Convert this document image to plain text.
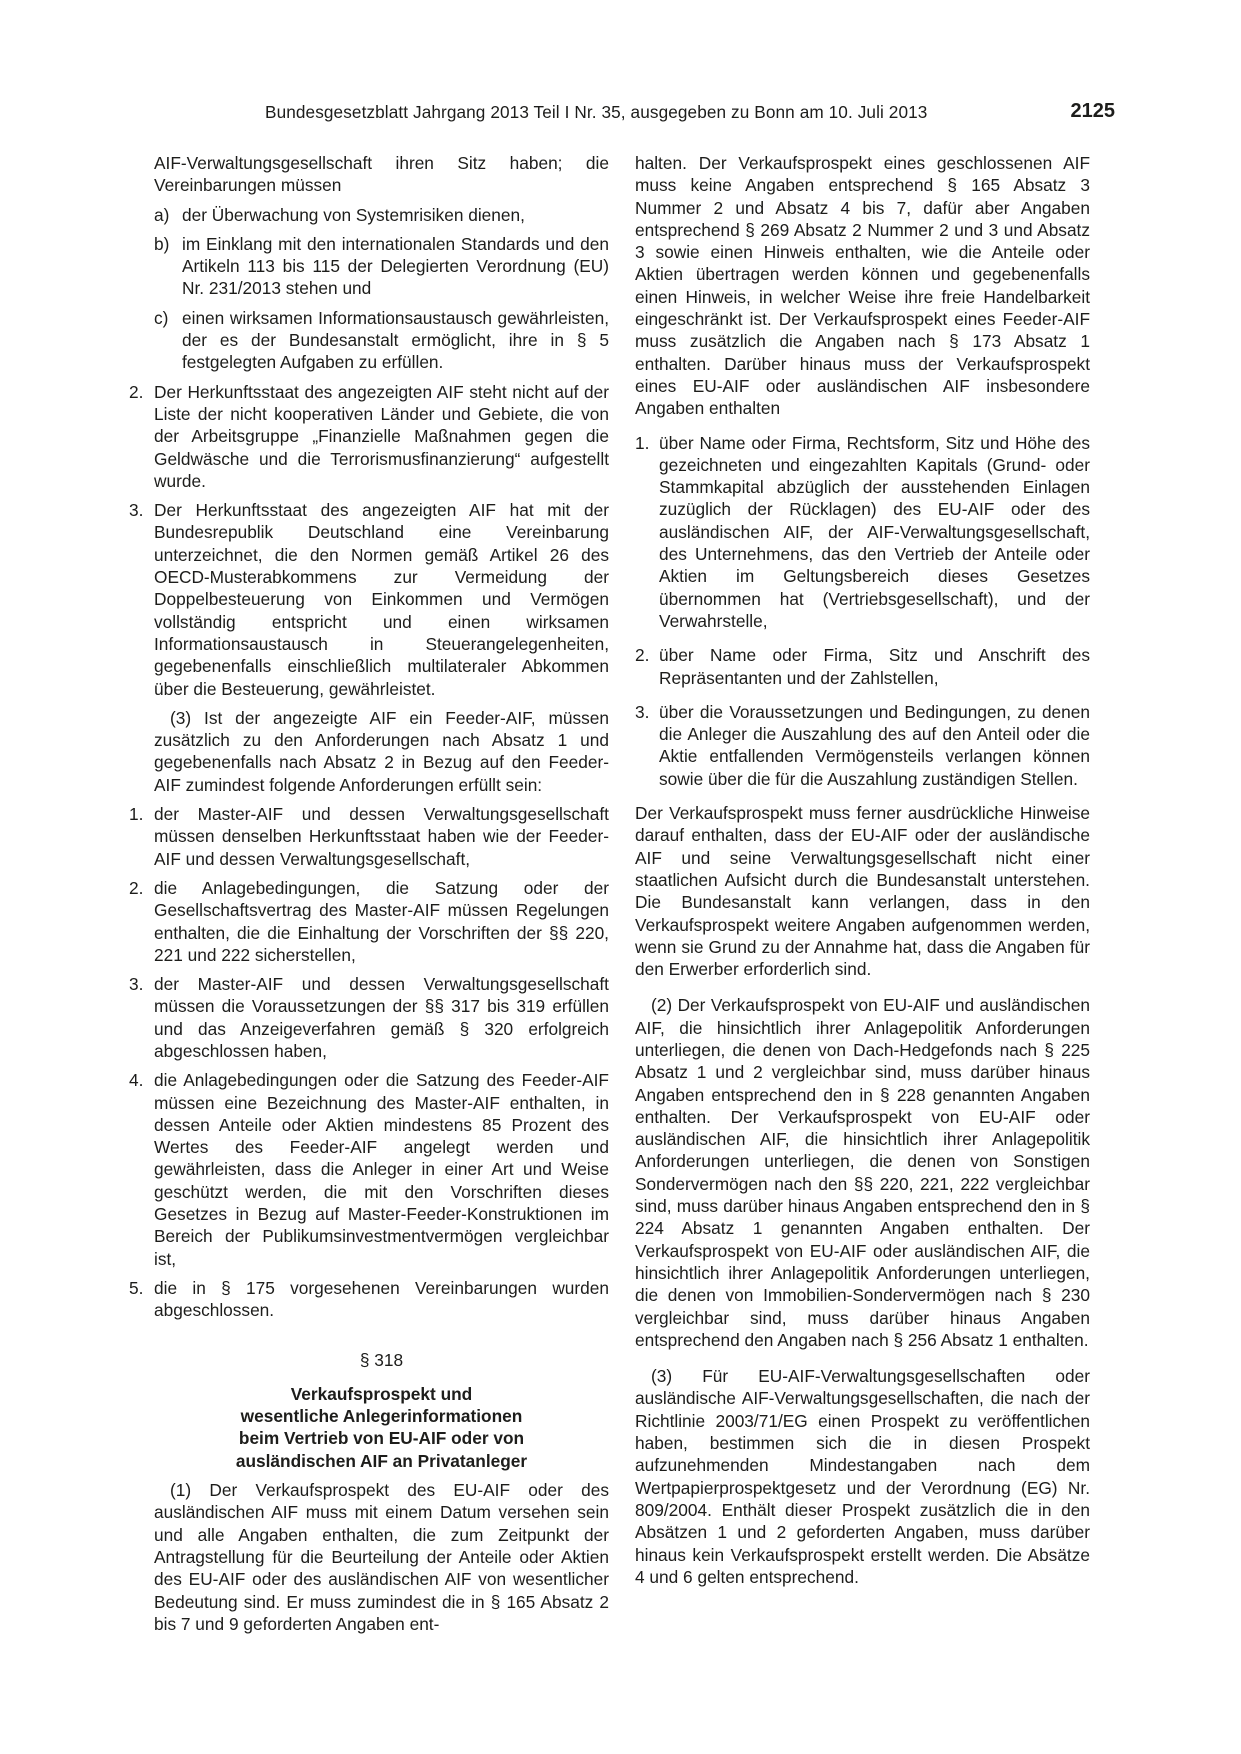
Bundesgesetzblatt Jahrgang 2013 Teil I Nr. 35, ausgegeben zu Bonn am 10. Juli 2013	2125

AIF-Verwaltungsgesellschaft ihren Sitz haben; die Vereinbarungen müssen

a) der Überwachung von Systemrisiken dienen,
b) im Einklang mit den internationalen Standards und den Artikeln 113 bis 115 der Delegierten Verordnung (EU) Nr. 231/2013 stehen und
c) einen wirksamen Informationsaustausch gewährleisten, der es der Bundesanstalt ermöglicht, ihre in § 5 festgelegten Aufgaben zu erfüllen.
2. Der Herkunftsstaat des angezeigten AIF steht nicht auf der Liste der nicht kooperativen Länder und Gebiete, die von der Arbeitsgruppe „Finanzielle Maßnahmen gegen die Geldwäsche und die Terrorismusfinanzierung“ aufgestellt wurde.
3. Der Herkunftsstaat des angezeigten AIF hat mit der Bundesrepublik Deutschland eine Vereinbarung unterzeichnet, die den Normen gemäß Artikel 26 des OECD-Musterabkommens zur Vermeidung der Doppelbesteuerung von Einkommen und Vermögen vollständig entspricht und einen wirksamen Informationsaustausch in Steuerangelegenheiten, gegebenenfalls einschließlich multilateraler Abkommen über die Besteuerung, gewährleistet.

(3) Ist der angezeigte AIF ein Feeder-AIF, müssen zusätzlich zu den Anforderungen nach Absatz 1 und gegebenenfalls nach Absatz 2 in Bezug auf den Feeder-AIF zumindest folgende Anforderungen erfüllt sein:

1. der Master-AIF und dessen Verwaltungsgesellschaft müssen denselben Herkunftsstaat haben wie der Feeder-AIF und dessen Verwaltungsgesellschaft,
2. die Anlagebedingungen, die Satzung oder der Gesellschaftsvertrag des Master-AIF müssen Regelungen enthalten, die die Einhaltung der Vorschriften der §§ 220, 221 und 222 sicherstellen,
3. der Master-AIF und dessen Verwaltungsgesellschaft müssen die Voraussetzungen der §§ 317 bis 319 erfüllen und das Anzeigeverfahren gemäß § 320 erfolgreich abgeschlossen haben,
4. die Anlagebedingungen oder die Satzung des Feeder-AIF müssen eine Bezeichnung des Master-AIF enthalten, in dessen Anteile oder Aktien mindestens 85 Prozent des Wertes des Feeder-AIF angelegt werden und gewährleisten, dass die Anleger in einer Art und Weise geschützt werden, die mit den Vorschriften dieses Gesetzes in Bezug auf Master-Feeder-Konstruktionen im Bereich der Publikumsinvestmentvermögen vergleichbar ist,
5. die in § 175 vorgesehenen Vereinbarungen wurden abgeschlossen.
§ 318
Verkaufsprospekt und
wesentliche Anlegerinformationen
beim Vertrieb von EU-AIF oder von
ausländischen AIF an Privatanleger

(1) Der Verkaufsprospekt des EU-AIF oder des ausländischen AIF muss mit einem Datum versehen sein und alle Angaben enthalten, die zum Zeitpunkt der Antragstellung für die Beurteilung der Anteile oder Aktien des EU-AIF oder des ausländischen AIF von wesentlicher Bedeutung sind. Er muss zumindest die in § 165 Absatz 2 bis 7 und 9 geforderten Angaben ent-

halten. Der Verkaufsprospekt eines geschlossenen AIF muss keine Angaben entsprechend § 165 Absatz 3 Nummer 2 und Absatz 4 bis 7, dafür aber Angaben entsprechend § 269 Absatz 2 Nummer 2 und 3 und Absatz 3 sowie einen Hinweis enthalten, wie die Anteile oder Aktien übertragen werden können und gegebenenfalls einen Hinweis, in welcher Weise ihre freie Handelbarkeit eingeschränkt ist. Der Verkaufsprospekt eines Feeder-AIF muss zusätzlich die Angaben nach § 173 Absatz 1 enthalten. Darüber hinaus muss der Verkaufsprospekt eines EU-AIF oder ausländischen AIF insbesondere Angaben enthalten

1. über Name oder Firma, Rechtsform, Sitz und Höhe des gezeichneten und eingezahlten Kapitals (Grund- oder Stammkapital abzüglich der ausstehenden Einlagen zuzüglich der Rücklagen) des EU-AIF oder des ausländischen AIF, der AIF-Verwaltungsgesellschaft, des Unternehmens, das den Vertrieb der Anteile oder Aktien im Geltungsbereich dieses Gesetzes übernommen hat (Vertriebsgesellschaft), und der Verwahrstelle,
2. über Name oder Firma, Sitz und Anschrift des Repräsentanten und der Zahlstellen,
3. über die Voraussetzungen und Bedingungen, zu denen die Anleger die Auszahlung des auf den Anteil oder die Aktie entfallenden Vermögensteils verlangen können sowie über die für die Auszahlung zuständigen Stellen.

Der Verkaufsprospekt muss ferner ausdrückliche Hinweise darauf enthalten, dass der EU-AIF oder der ausländische AIF und seine Verwaltungsgesellschaft nicht einer staatlichen Aufsicht durch die Bundesanstalt unterstehen. Die Bundesanstalt kann verlangen, dass in den Verkaufsprospekt weitere Angaben aufgenommen werden, wenn sie Grund zu der Annahme hat, dass die Angaben für den Erwerber erforderlich sind.

(2) Der Verkaufsprospekt von EU-AIF und ausländischen AIF, die hinsichtlich ihrer Anlagepolitik Anforderungen unterliegen, die denen von Dach-Hedgefonds nach § 225 Absatz 1 und 2 vergleichbar sind, muss darüber hinaus Angaben entsprechend den in § 228 genannten Angaben enthalten. Der Verkaufsprospekt von EU-AIF oder ausländischen AIF, die hinsichtlich ihrer Anlagepolitik Anforderungen unterliegen, die denen von Sonstigen Sondervermögen nach den §§ 220, 221, 222 vergleichbar sind, muss darüber hinaus Angaben entsprechend den in § 224 Absatz 1 genannten Angaben enthalten. Der Verkaufsprospekt von EU-AIF oder ausländischen AIF, die hinsichtlich ihrer Anlagepolitik Anforderungen unterliegen, die denen von Immobilien-Sondervermögen nach § 230 vergleichbar sind, muss darüber hinaus Angaben entsprechend den Angaben nach § 256 Absatz 1 enthalten.

(3) Für EU-AIF-Verwaltungsgesellschaften oder ausländische AIF-Verwaltungsgesellschaften, die nach der Richtlinie 2003/71/EG einen Prospekt zu veröffentlichen haben, bestimmen sich die in diesen Prospekt aufzunehmenden Mindestangaben nach dem Wertpapierprospektgesetz und der Verordnung (EG) Nr. 809/2004. Enthält dieser Prospekt zusätzlich die in den Absätzen 1 und 2 geforderten Angaben, muss darüber hinaus kein Verkaufsprospekt erstellt werden. Die Absätze 4 und 6 gelten entsprechend.
